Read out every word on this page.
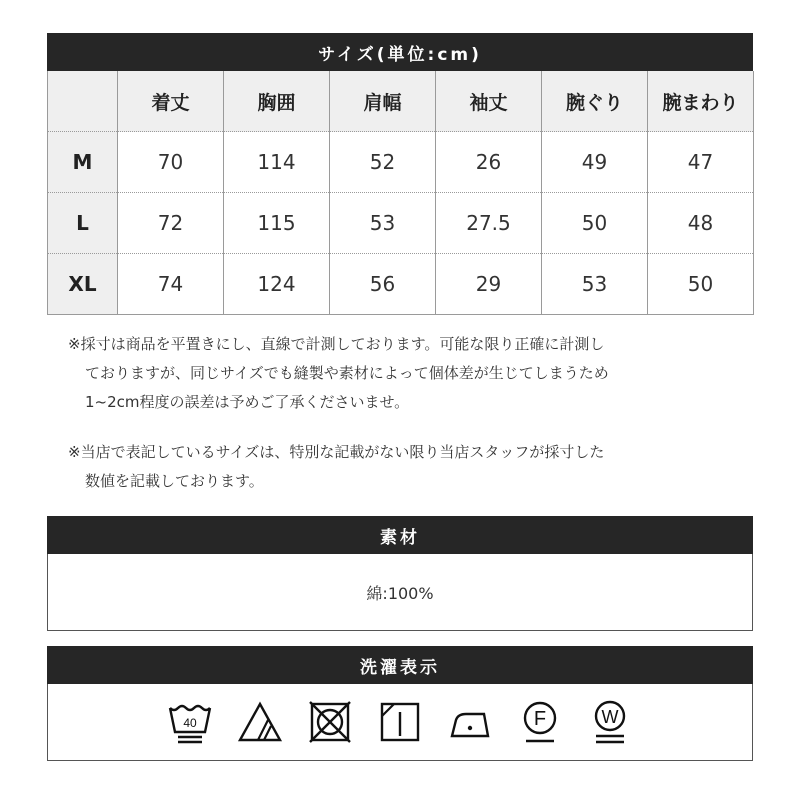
サイズ(単位:cm)
	着丈	胸囲	肩幅	袖丈	腕ぐり	腕まわり
M	70	114	52	26	49	47
L	72	115	53	27.5	50	48
XL	74	124	56	29	53	50

※採寸は商品を平置きにし、直線で計測しております。可能な限り正確に計測し
ておりますが、同じサイズでも縫製や素材によって個体差が生じてしまうため
1~2cm程度の誤差は予めご了承くださいませ。

※当店で表記しているサイズは、特別な記載がない限り当店スタッフが採寸した
数値を記載しております。

素材
綿:100%
洗濯表示
40	F	W
